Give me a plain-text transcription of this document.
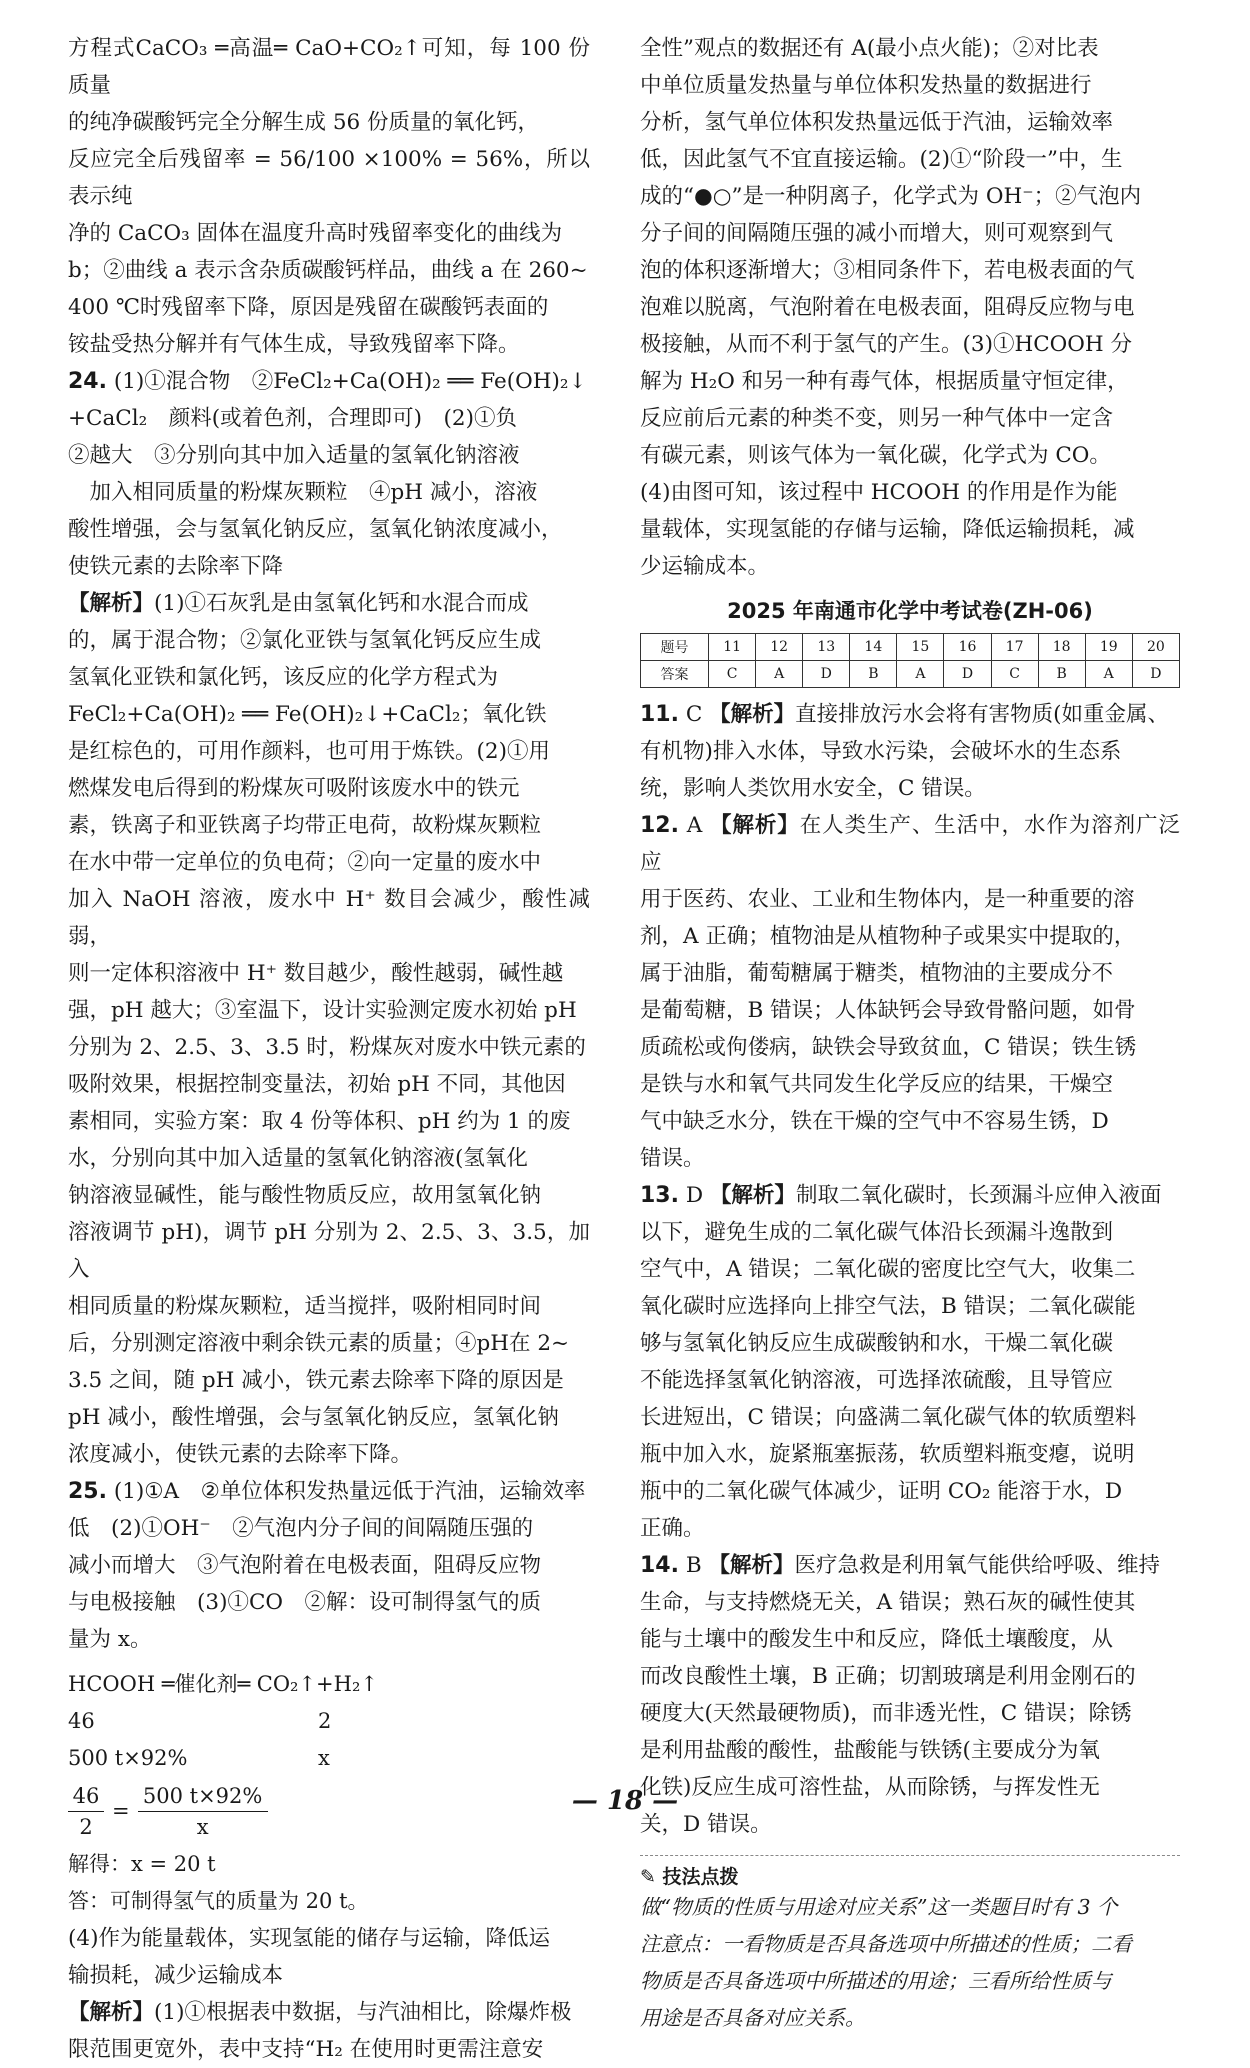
方程式CaCO₃ ═高温═ CaO+CO₂↑可知，每 100 份质量
的纯净碳酸钙完全分解生成 56 份质量的氧化钙，
反应完全后残留率 = 56/100 ×100% = 56%，所以表示纯
净的 CaCO₃ 固体在温度升高时残留率变化的曲线为
b；②曲线 a 表示含杂质碳酸钙样品，曲线 a 在 260~
400 ℃时残留率下降，原因是残留在碳酸钙表面的
铵盐受热分解并有气体生成，导致残留率下降。
24. (1)①混合物　②FeCl₂+Ca(OH)₂ ══ Fe(OH)₂↓
+CaCl₂　颜料(或着色剂，合理即可)　(2)①负
②越大　③分别向其中加入适量的氢氧化钠溶液
　加入相同质量的粉煤灰颗粒　④pH 减小，溶液
酸性增强，会与氢氧化钠反应，氢氧化钠浓度减小，
使铁元素的去除率下降
【解析】(1)①石灰乳是由氢氧化钙和水混合而成
的，属于混合物；②氯化亚铁与氢氧化钙反应生成
氢氧化亚铁和氯化钙，该反应的化学方程式为
FeCl₂+Ca(OH)₂ ══ Fe(OH)₂↓+CaCl₂；氧化铁
是红棕色的，可用作颜料，也可用于炼铁。(2)①用
燃煤发电后得到的粉煤灰可吸附该废水中的铁元
素，铁离子和亚铁离子均带正电荷，故粉煤灰颗粒
在水中带一定单位的负电荷；②向一定量的废水中
加入 NaOH 溶液，废水中 H⁺ 数目会减少，酸性减弱，
则一定体积溶液中 H⁺ 数目越少，酸性越弱，碱性越
强，pH 越大；③室温下，设计实验测定废水初始 pH
分别为 2、2.5、3、3.5 时，粉煤灰对废水中铁元素的
吸附效果，根据控制变量法，初始 pH 不同，其他因
素相同，实验方案：取 4 份等体积、pH 约为 1 的废
水，分别向其中加入适量的氢氧化钠溶液(氢氧化
钠溶液显碱性，能与酸性物质反应，故用氢氧化钠
溶液调节 pH)，调节 pH 分别为 2、2.5、3、3.5，加入
相同质量的粉煤灰颗粒，适当搅拌，吸附相同时间
后，分别测定溶液中剩余铁元素的质量；④pH在 2~
3.5 之间，随 pH 减小，铁元素去除率下降的原因是
pH 减小，酸性增强，会与氢氧化钠反应，氢氧化钠
浓度减小，使铁元素的去除率下降。
25. (1)①A　②单位体积发热量远低于汽油，运输效率
低　(2)①OH⁻　②气泡内分子间的间隔随压强的
减小而增大　③气泡附着在电极表面，阻碍反应物
与电极接触　(3)①CO　②解：设可制得氢气的质
量为 x。
HCOOH ═催化剂═ CO₂↑+H₂↑
46	2
500 t×92%	x
46
2
=
500 t×92%
x
解得：x = 20 t
答：可制得氢气的质量为 20 t。
(4)作为能量载体，实现氢能的储存与运输，降低运
输损耗，减少运输成本
【解析】(1)①根据表中数据，与汽油相比，除爆炸极
限范围更宽外，表中支持“H₂ 在使用时更需注意安
全性”观点的数据还有 A(最小点火能)；②对比表
中单位质量发热量与单位体积发热量的数据进行
分析，氢气单位体积发热量远低于汽油，运输效率
低，因此氢气不宜直接运输。(2)①“阶段一”中，生
成的“●○”是一种阴离子，化学式为 OH⁻；②气泡内
分子间的间隔随压强的减小而增大，则可观察到气
泡的体积逐渐增大；③相同条件下，若电极表面的气
泡难以脱离，气泡附着在电极表面，阻碍反应物与电
极接触，从而不利于氢气的产生。(3)①HCOOH 分
解为 H₂O 和另一种有毒气体，根据质量守恒定律，
反应前后元素的种类不变，则另一种气体中一定含
有碳元素，则该气体为一氧化碳，化学式为 CO。
(4)由图可知，该过程中 HCOOH 的作用是作为能
量载体，实现氢能的存储与运输，降低运输损耗，减
少运输成本。
2025 年南通市化学中考试卷(ZH-06)
题号	11	12	13	14	15	16	17	18	19	20
答案	C	A	D	B	A	D	C	B	A	D
11. C 【解析】直接排放污水会将有害物质(如重金属、
有机物)排入水体，导致水污染，会破坏水的生态系
统，影响人类饮用水安全，C 错误。
12. A 【解析】在人类生产、生活中，水作为溶剂广泛应
用于医药、农业、工业和生物体内，是一种重要的溶
剂，A 正确；植物油是从植物种子或果实中提取的，
属于油脂，葡萄糖属于糖类，植物油的主要成分不
是葡萄糖，B 错误；人体缺钙会导致骨骼问题，如骨
质疏松或佝偻病，缺铁会导致贫血，C 错误；铁生锈
是铁与水和氧气共同发生化学反应的结果，干燥空
气中缺乏水分，铁在干燥的空气中不容易生锈，D
错误。
13. D 【解析】制取二氧化碳时，长颈漏斗应伸入液面
以下，避免生成的二氧化碳气体沿长颈漏斗逸散到
空气中，A 错误；二氧化碳的密度比空气大，收集二
氧化碳时应选择向上排空气法，B 错误；二氧化碳能
够与氢氧化钠反应生成碳酸钠和水，干燥二氧化碳
不能选择氢氧化钠溶液，可选择浓硫酸，且导管应
长进短出，C 错误；向盛满二氧化碳气体的软质塑料
瓶中加入水，旋紧瓶塞振荡，软质塑料瓶变瘪，说明
瓶中的二氧化碳气体减少，证明 CO₂ 能溶于水，D
正确。
14. B 【解析】医疗急救是利用氧气能供给呼吸、维持
生命，与支持燃烧无关，A 错误；熟石灰的碱性使其
能与土壤中的酸发生中和反应，降低土壤酸度，从
而改良酸性土壤，B 正确；切割玻璃是利用金刚石的
硬度大(天然最硬物质)，而非透光性，C 错误；除锈
是利用盐酸的酸性，盐酸能与铁锈(主要成分为氧
化铁)反应生成可溶性盐，从而除锈，与挥发性无
关，D 错误。
✎ 技法点拨
做“物质的性质与用途对应关系”这一类题目时有 3 个
注意点：一看物质是否具备选项中所描述的性质；二看
物质是否具备选项中所描述的用途；三看所给性质与
用途是否具备对应关系。
— 18 —
